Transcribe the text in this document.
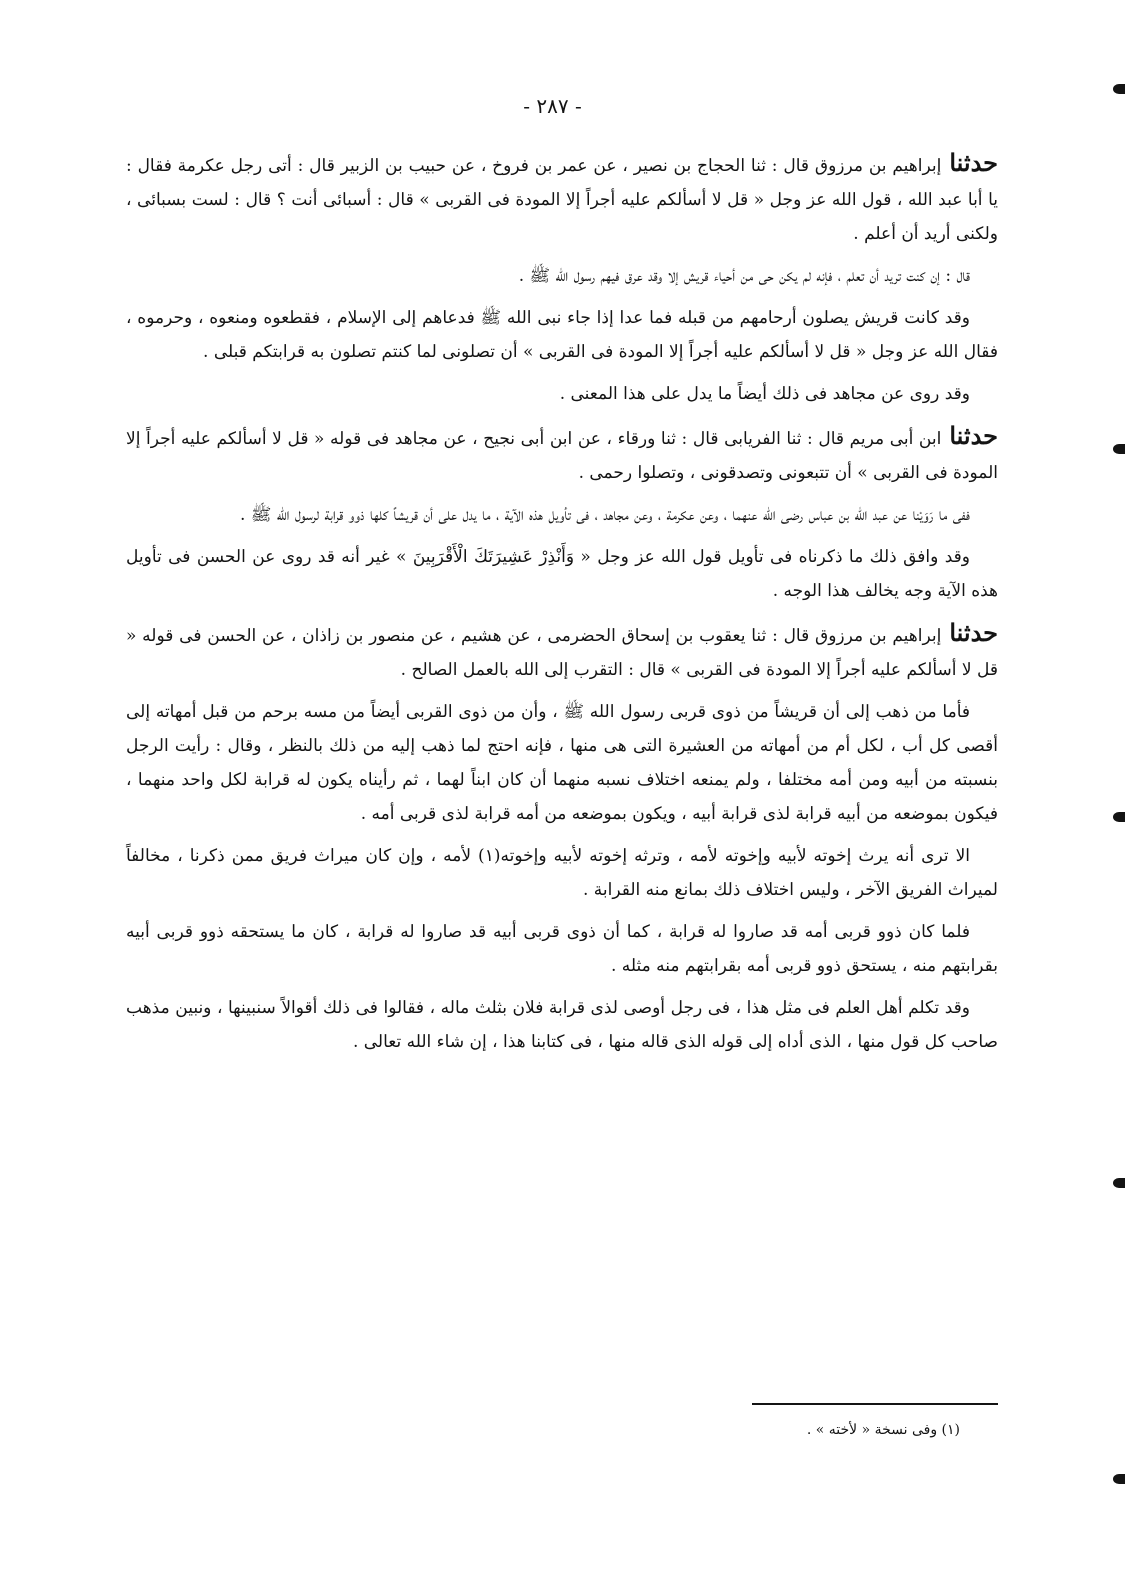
- ٢٨٧ -

حدثناإبراهيم بن مرزوق قال : ثنا الحجاج بن نصير ، عن عمر بن فروخ ، عن حبيب بن الزبير قال : أتى رجل عكرمة فقال : يا أبا عبد الله ، قول الله عز وجل « قل لا أسألكم عليه أجراً إلا المودة فى القربى » قال : أسبائى أنت ؟ قال : لست بسبائى ، ولكنى أريد أن أعلم .

قال : إن كنت تريد أن تعلم ، فإنه لم يكن حى من أحياء قريش إلا وقد عرق فيهم رسول الله ﷺ .

وقد كانت قريش يصلون أرحامهم من قبله فما عدا إذا جاء نبى الله ﷺ فدعاهم إلى الإسلام ، فقطعوه ومنعوه ، وحرموه ، فقال الله عز وجل « قل لا أسألكم عليه أجراً إلا المودة فى القربى » أن تصلونى لما كنتم تصلون به قرابتكم قبلى .

وقد روى عن مجاهد فى ذلك أيضاً ما يدل على هذا المعنى .

حدثناابن أبى مريم قال : ثنا الفريابى قال : ثنا ورقاء ، عن ابن أبى نجيح ، عن مجاهد فى قوله « قل لا أسألكم عليه أجراً إلا المودة فى القربى » أن تتبعونى وتصدقونى ، وتصلوا رحمى .

ففى ما رَوَيْنا عن عبد الله بن عباس رضى الله عنهما ، وعن عكرمة ، وعن مجاهد ، فى تأويل هذه الآية ، ما يدل على أن قريشاً كلها ذوو قرابة لرسول الله ﷺ .

وقد وافق ذلك ما ذكرناه فى تأويل قول الله عز وجل « وَأَنْذِرْ عَشِيرَتَكَ الْأَقْرَبِينَ » غير أنه قد روى عن الحسن فى تأويل هذه الآية وجه يخالف هذا الوجه .

حدثناإبراهيم بن مرزوق قال : ثنا يعقوب بن إسحاق الحضرمى ، عن هشيم ، عن منصور بن زاذان ، عن الحسن فى قوله « قل لا أسألكم عليه أجراً إلا المودة فى القربى » قال : التقرب إلى الله بالعمل الصالح .

فأما من ذهب إلى أن قريشاً من ذوى قربى رسول الله ﷺ ، وأن من ذوى القربى أيضاً من مسه برحم من قبل أمهاته إلى أقصى كل أب ، لكل أم من أمهاته من العشيرة التى هى منها ، فإنه احتج لما ذهب إليه من ذلك بالنظر ، وقال : رأيت الرجل بنسبته من أبيه ومن أمه مختلفا ، ولم يمنعه اختلاف نسبه منهما أن كان ابناً لهما ، ثم رأيناه يكون له قرابة لكل واحد منهما ، فيكون بموضعه من أبيه قرابة لذى قرابة أبيه ، ويكون بموضعه من أمه قرابة لذى قربى أمه .

الا ترى أنه يرث إخوته لأبيه وإخوته لأمه ، وترثه إخوته لأبيه وإخوته(١) لأمه ، وإن كان ميراث فريق ممن ذكرنا ، مخالفاً لميراث الفريق الآخر ، وليس اختلاف ذلك بمانع منه القرابة .

فلما كان ذوو قربى أمه قد صاروا له قرابة ، كما أن ذوى قربى أبيه قد صاروا له قرابة ، كان ما يستحقه ذوو قربى أبيه بقرابتهم منه ، يستحق ذوو قربى أمه بقرابتهم منه مثله .

وقد تكلم أهل العلم فى مثل هذا ، فى رجل أوصى لذى قرابة فلان بثلث ماله ، فقالوا فى ذلك أقوالاً سنبينها ، ونبين مذهب صاحب كل قول منها ، الذى أداه إلى قوله الذى قاله منها ، فى كتابنا هذا ، إن شاء الله تعالى .

(١) وفى نسخة « لأخته » .
